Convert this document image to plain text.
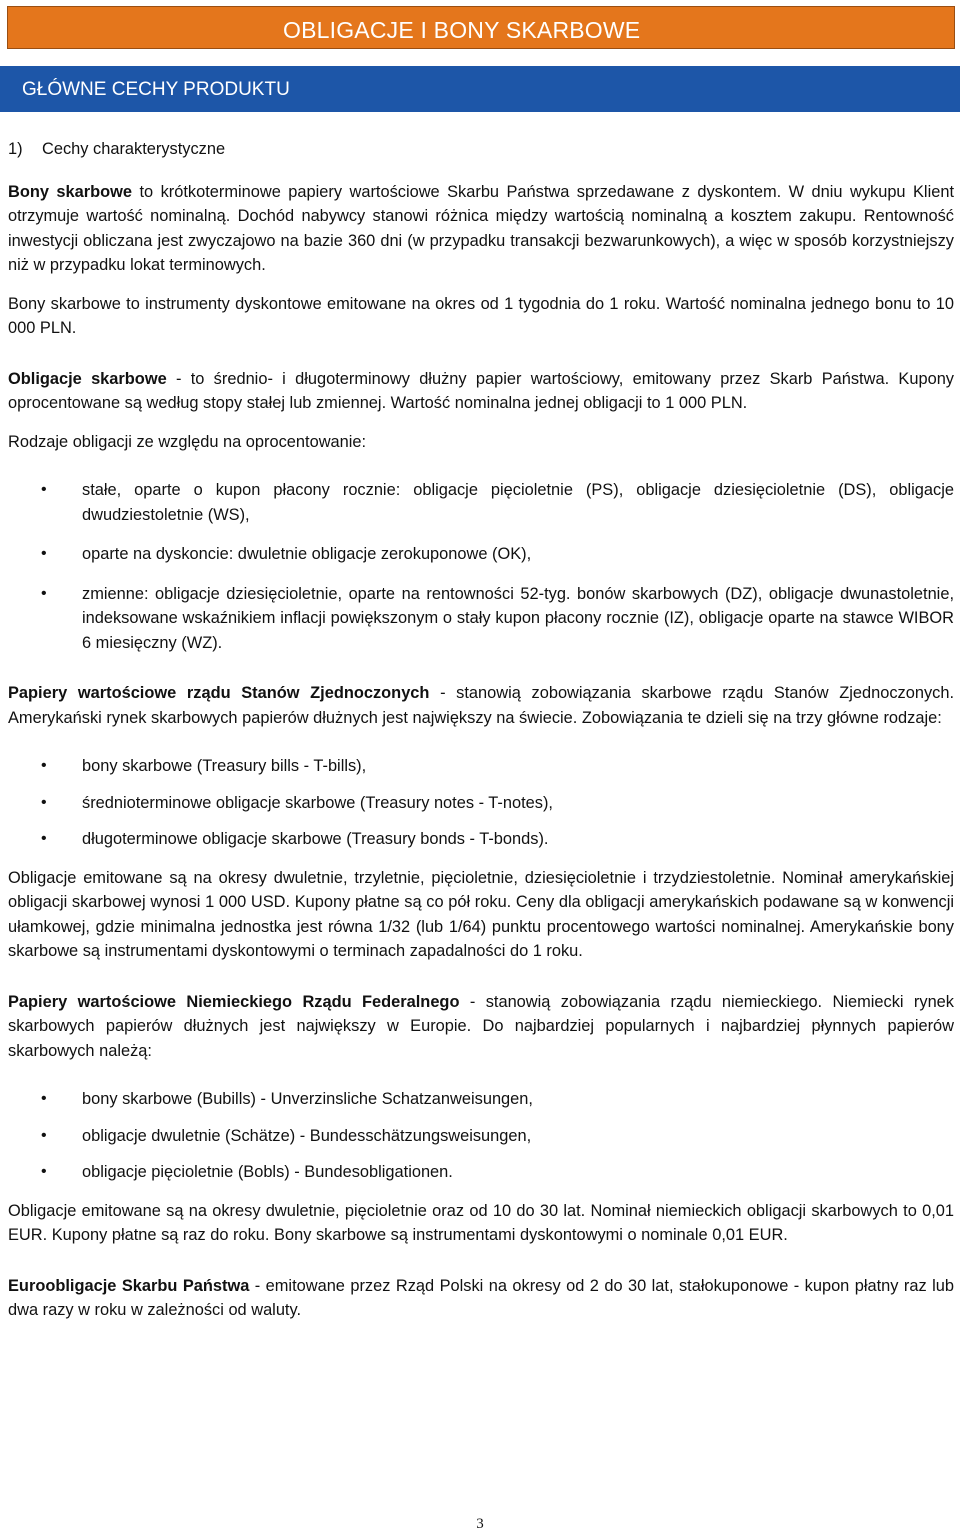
OBLIGACJE I BONY SKARBOWE
GŁÓWNE CECHY PRODUKTU
1) Cechy charakterystyczne

Bony skarbowe to krótkoterminowe papiery wartościowe Skarbu Państwa sprzedawane z dyskontem. W dniu wykupu Klient otrzymuje wartość nominalną. Dochód nabywcy stanowi różnica między wartością nominalną a kosztem zakupu. Rentowność inwestycji obliczana jest zwyczajowo na bazie 360 dni (w przypadku transakcji bezwarunkowych), a więc w sposób korzystniejszy niż w przypadku lokat terminowych.

Bony skarbowe to instrumenty dyskontowe emitowane na okres od 1 tygodnia do 1 roku. Wartość nominalna jednego bonu to 10 000 PLN.

Obligacje skarbowe - to średnio- i długoterminowy dłużny papier wartościowy, emitowany przez Skarb Państwa. Kupony oprocentowane są według stopy stałej lub zmiennej. Wartość nominalna jednej obligacji to 1 000 PLN.

Rodzaje obligacji ze względu na oprocentowanie:

• stałe, oparte o kupon płacony rocznie: obligacje pięcioletnie (PS), obligacje dziesięcioletnie (DS), obligacje dwudziestoletnie (WS),
• oparte na dyskoncie: dwuletnie obligacje zerokuponowe (OK),
• zmienne: obligacje dziesięcioletnie, oparte na rentowności 52-tyg. bonów skarbowych (DZ), obligacje dwunastoletnie, indeksowane wskaźnikiem inflacji powiększonym o stały kupon płacony rocznie (IZ), obligacje oparte na stawce WIBOR 6 miesięczny (WZ).

Papiery wartościowe rządu Stanów Zjednoczonych - stanowią zobowiązania skarbowe rządu Stanów Zjednoczonych. Amerykański rynek skarbowych papierów dłużnych jest największy na świecie. Zobowiązania te dzieli się na trzy główne rodzaje:

• bony skarbowe (Treasury bills - T-bills),
• średnioterminowe obligacje skarbowe (Treasury notes - T-notes),
• długoterminowe obligacje skarbowe (Treasury bonds - T-bonds).

Obligacje emitowane są na okresy dwuletnie, trzyletnie, pięcioletnie, dziesięcioletnie i trzydziestoletnie. Nominał amerykańskiej obligacji skarbowej wynosi 1 000 USD. Kupony płatne są co pół roku. Ceny dla obligacji amerykańskich podawane są w konwencji ułamkowej, gdzie minimalna jednostka jest równa 1/32 (lub 1/64) punktu procentowego wartości nominalnej. Amerykańskie bony skarbowe są instrumentami dyskontowymi o terminach zapadalności do 1 roku.

Papiery wartościowe Niemieckiego Rządu Federalnego - stanowią zobowiązania rządu niemieckiego. Niemiecki rynek skarbowych papierów dłużnych jest największy w Europie. Do najbardziej popularnych i najbardziej płynnych papierów skarbowych należą:

• bony skarbowe (Bubills) - Unverzinsliche Schatzanweisungen,
• obligacje dwuletnie (Schätze) - Bundesschätzungsweisungen,
• obligacje pięcioletnie (Bobls) - Bundesobligationen.

Obligacje emitowane są na okresy dwuletnie, pięcioletnie oraz od 10 do 30 lat. Nominał niemieckich obligacji skarbowych to 0,01 EUR. Kupony płatne są raz do roku. Bony skarbowe są instrumentami dyskontowymi o nominale 0,01 EUR.

Euroobligacje Skarbu Państwa - emitowane przez Rząd Polski na okresy od 2 do 30 lat, stałokuponowe - kupon płatny raz lub dwa razy w roku w zależności od waluty.

3
